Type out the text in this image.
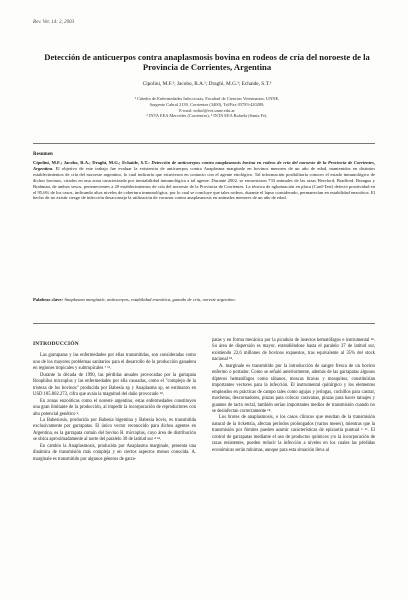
Rev. Vet. 14: 2, 2003
Detección de anticuerpos contra anaplasmosis bovina en rodeos de cría del noroeste de la Provincia de Corrientes, Argentina
Cipolini, M.F.¹; Jacobo, R.A.¹; Draghi, M.G.²; Echaide, S.T.³
¹ Cátedra de Enfermedades Infecciosas, Facultad de Ciencias Veterinarias, UNNE,
Sargento Cabral 2139, Corrientes (3400), Tel/Fax 03783-420289,
E-mail: enfinf@vet.unne.edu.ar
² INTA EEA Mercedes (Corrientes), ³ INTA EEA Rafaela (Santa Fe).
Resumen

Cipolini, M.F.; Jacobo, R.A.; Draghi, M.G.; Echaide, S.T.: Detección de anticuerpos contra anaplasmosis bovina en rodeos de cría del noroeste de la Provincia de Corrientes, Argentina. El objetivo de este trabajo fue evaluar la existencia de anticuerpos contra Anaplasma marginale en bovinos menores de un año de edad, mantenidos en distintos establecimientos de cría del noroeste argentino, lo cual indicaría que estuvieron en contacto con el agente etiológico. Tal información posibilitaría conocer el estado inmunológico de dichos bovinos, criados en una zona caracterizada por inestabilidad inmunológica a tal agente. Durante 2002, se encuestaron 733 animales de las razas Hereford, Bradford, Brangus y Brahman, de ambos sexos, pertenecientes a 20 establecimientos de cría del noroeste de la Provincia de Corrientes. La técnica de aglutinación en placa (Card-Test) detectó positividad en el 95,6% de los casos, indicando altos niveles de cobertura inmunológica, por lo cual se concluye que tales rodeos, durante el lapso considerado, permanecían en estabilidad enzoótica. El hecho de no existir riesgo de infección desaconseja la utilización de vacunas contra anaplasmosis en animales menores de un año de edad.

Palabras clave: Anaplasma marginale, anticuerpos, estabilidad enzoótica, ganado de cría, noreste argentino.

INTRODUCCIÓN

Las garrapatas y las enfermedades por ellas transmitidas, son consideradas como uno de los mayores problemas sanitarios para el desarrollo de la producción ganadera en regiones tropicales y subtropicales ⁷ ¹².

Durante la década de 1990, las pérdidas anuales provocadas por la garrapata Boophilus microplus y las enfermedades por ella causadas, como el "complejo de la tristeza de los bovinos" producida por Babesia sp y Anaplasma sp, se estimaron en USD 185.802.273, cifra que avala la magnitud del daño provocado ¹⁸.

En zonas enzoóticas como el noreste argentino, estas enfermedades constituyen una gran limitante de la producción, al impedir la incorporación de reproductores con alto potencial genético ².

La Babesiosis, producida por Babesia bigemina y Babesia bovis, es transmitida exclusivamente por garrapatas. El único vector reconocido para dichos agentes en Argentina, es la garrapata común del bovino B. microplus, cuyo área de distribución se ubica aproximadamente al norte del paralelo 30 de latitud sur ⁴ ¹⁴.

En cambio la Anaplasmosis, producida por Anaplasma marginale, presenta una dinámica de transmisión más compleja y en ciertos aspectos menos conocida. A. marginale es transmitido por algunos géneros de garra-

patas y en forma mecánica por la picadura de insectos hematófagos e instrumental ¹⁸. Su área de dispersión es mayor, extendiéndose hasta el paralelo 37 de latitud sur, existiendo 22,6 millones de bovinos expuestos, tras equivalente al 35% del stock nacional ¹⁸.

A. marginale es transmitido por la introducción de sangre fresca de un bovino enfermo o portador. Como se señaló anteriormente, además de las garrapatas algunos dípteros hematófagos como tábanos, moscas bravas y mosquitos, constituirían importantes vectores para la infección. El instrumental quirúrgico y los elementos empleados en prácticas de campo tales como agujas y jeringas, cuchillos para castrar, mochetas, descornadores, pinzas para colocar caravanas, pinzas para hacer tatuajes y guantes de tacto rectal, también serían importantes medios de transmisión cuando no se desinfectan correctamente ¹⁸.

Los brotes de anaplasmosis, o los casos clínicos que resultan de la transmisión natural de la rickettsia, afectan períodos prolongados (varios meses), mientras que la transmisión por fómites pueden asumir características de epizootia puntual ⁶ ¹¹. El control de garrapatas mediante el uso de productos químicos y/o la incorporación de razas resistentes, pueden reducir la infección a niveles en los cuales las pérdidas económicas serán mínimas, aunque para esta situación lleva al
